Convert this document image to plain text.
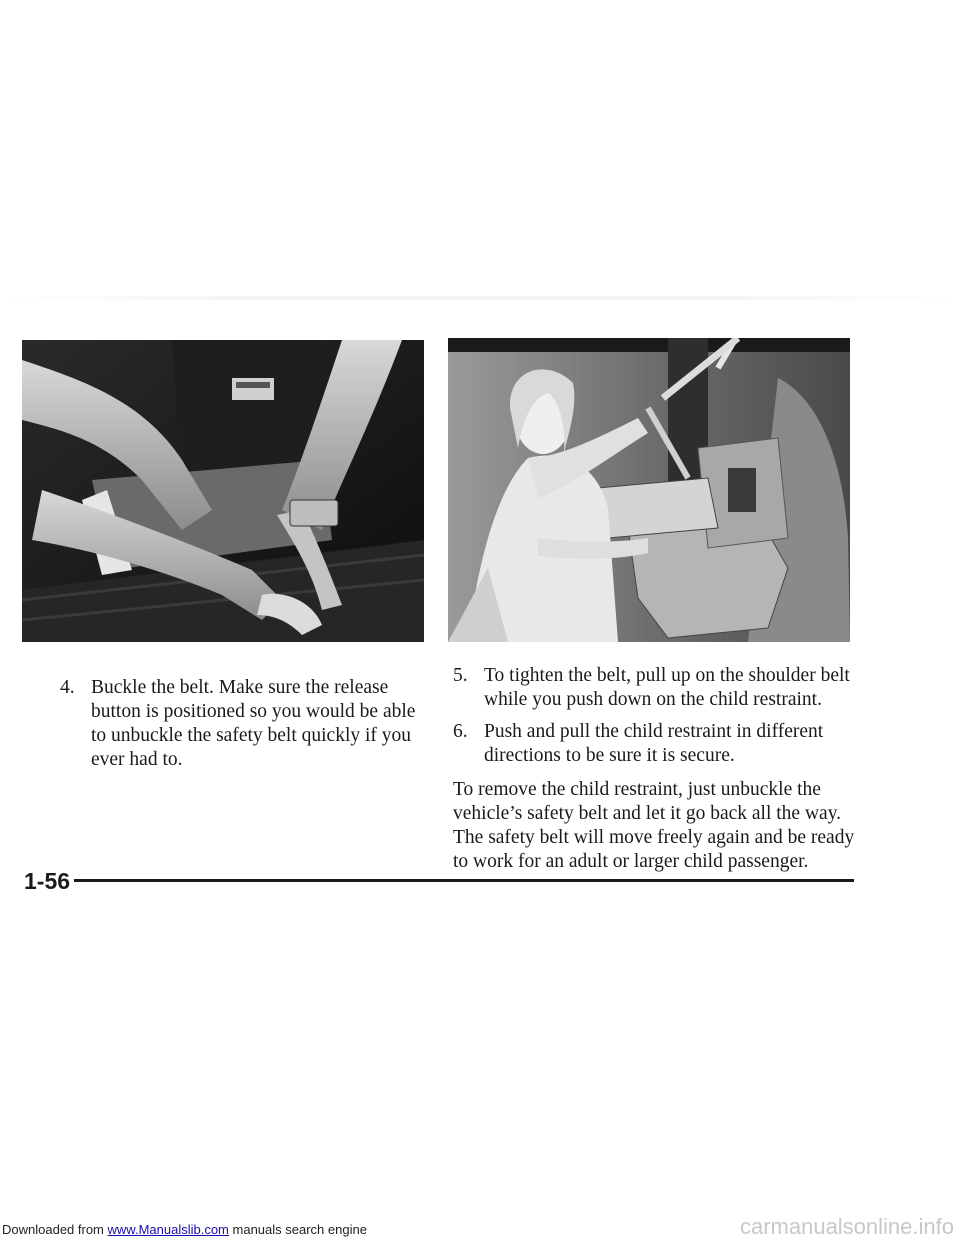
4. Buckle the belt. Make sure the release button is positioned so you would be able to unbuckle the safety belt quickly if you ever had to.
5. To tighten the belt, pull up on the shoulder belt while you push down on the child restraint.
6. Push and pull the child restraint in different directions to be sure it is secure.
To remove the child restraint, just unbuckle the vehicle’s safety belt and let it go back all the way. The safety belt will move freely again and be ready to work for an adult or larger child passenger.
1-56
Downloaded from www.Manualslib.com manuals search engine	carmanualsonline.info
